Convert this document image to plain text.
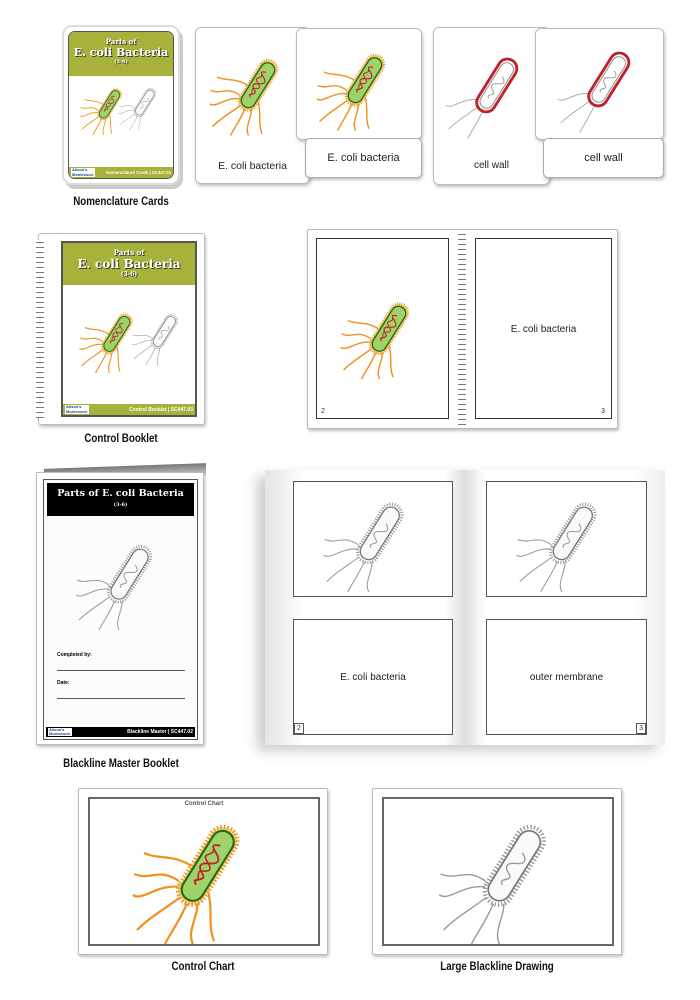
Parts of
E. coli Bacteria
(3-6)
Alison's Montessori	Nomenclature Cards | SC447.01
Nomenclature Cards
E. coli bacteria
E. coli bacteria
cell wall
cell wall
Parts of
E. coli Bacteria
(3-6)
Alison's Montessori	Control Booklet | SC447.03
Control Booklet
2
E. coli bacteria
3
Parts of E. coli Bacteria
(3-6)
Completed by:
Date:
Alison's Montessori	Blackline Master | SC447.02
Blackline Master Booklet
E. coli bacteria
2
outer membrane
3
Control Chart
Control Chart	Large Blackline Drawing
